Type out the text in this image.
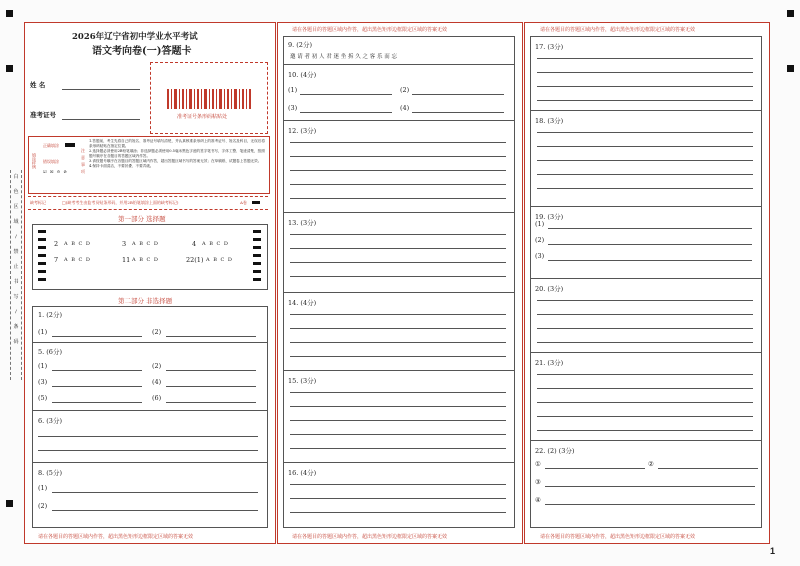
白
色
区
域
/
禁
止
书
写
/
条
码
请在各题目的答题区域内作答，超出黑色矩形边框限定区域的答案无效	请在各题目的答题区域内作答，超出黑色矩形边框限定区域的答案无效
请在各题目的答题区域内作答，超出黑色矩形边框限定区域的答案无效	请在各题目的答题区域内作答，超出黑色矩形边框限定区域的答案无效	请在各题目的答题区域内作答，超出黑色矩形边框限定区域的答案无效
2026年辽宁省初中学业水平考试
语文考向卷(一)答题卡
姓 名
准考证号	准考证号条形码粘贴处
填涂样例
正确填涂
错误填涂
☑ ☒ ⊝ ⊘
注意事项
1.答题前，考生先将自己的姓名、准考证号填写清楚，并认真核准条形码上的准考证号、姓名及科目，无误后将条形码粘贴在指定位置。
2.选择题必须使用2B铅笔填涂；非选择题必须使用0.5毫米黑色字迹的签字笔书写，字体工整、笔迹清楚，按照题号顺序在各题目的答题区域内作答。
3.请按题号顺序在各题目的答题区域内作答，超出答题区域书写的答案无效；在草稿纸、试题卷上答题无效。
4.保持卡面清洁，不要折叠、不要弄破。
缺考标记	□(缺考考生由监考员贴条形码，并用2B铅笔填涂上面的缺考标记)	A卷
第一部分 选择题
2 A B C D	3 A B C D	4 A B C D
7 A B C D	11 A B C D	22(1) A B C D
第二部分 非选择题
1. (2分)
(1)	(2)
5. (6分)
(1)	(2)
(3)	(4)
(5)	(6)
6. (3分)
8. (5分)
(1)
(2)
9. (2分)
邀 请 者 初 人 君 迷 坐 拆 久 之 客 乐 而 忘
10. (4分)
(1)	(2)
(3)	(4)
12. (3分)
13. (3分)
14. (4分)
15. (3分)
16. (4分)
17. (3分)
18. (3分)
19. (3分)
(1)
(2)
(3)
20. (3分)
21. (3分)
22. (2) (3分)
①	②
③
④
1
